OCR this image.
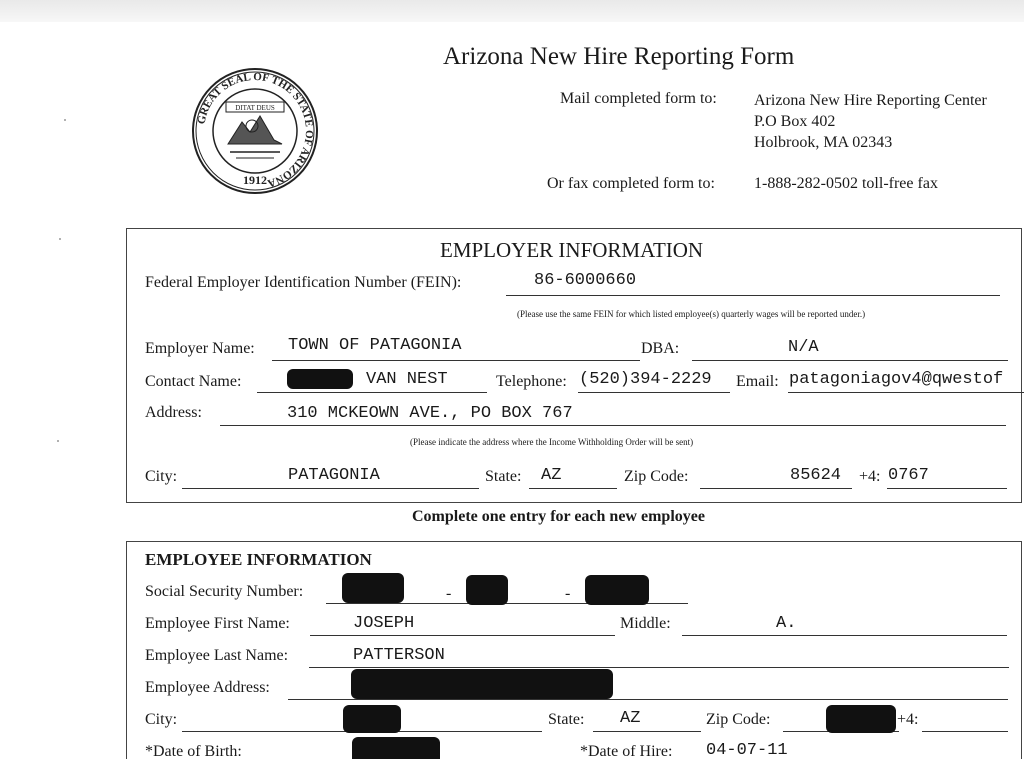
GREAT SEAL OF THE STATE OF ARIZONA
DITAT DEUS
1912
Arizona New Hire Reporting Form
Mail completed form to: Arizona New Hire Reporting Center
P.O Box 402
Holbrook, MA 02343
Or fax completed form to: 1-888-282-0502 toll-free fax
EMPLOYER INFORMATION
Federal Employer Identification Number (FEIN):	86-6000660
(Please use the same FEIN for which listed employee(s) quarterly wages will be reported under.)
Employer Name: TOWN OF PATAGONIA	DBA:	N/A
Contact Name:	VAN NEST	Telephone: (520)394-2229 Email: patagoniagov4@qwestof
Address:	310 MCKEOWN AVE., PO BOX 767
(Please indicate the address where the Income Withholding Order will be sent)
City:	PATAGONIA	State: AZ	Zip Code:	85624 +4: 0767
Complete one entry for each new employee
EMPLOYEE INFORMATION
Social Security Number:	-	-
Employee First Name:	JOSEPH	Middle:	A.
Employee Last Name:	PATTERSON
Employee Address:
City:	State: AZ	Zip Code:	+4:
*Date of Birth:	*Date of Hire: 04-07-11
